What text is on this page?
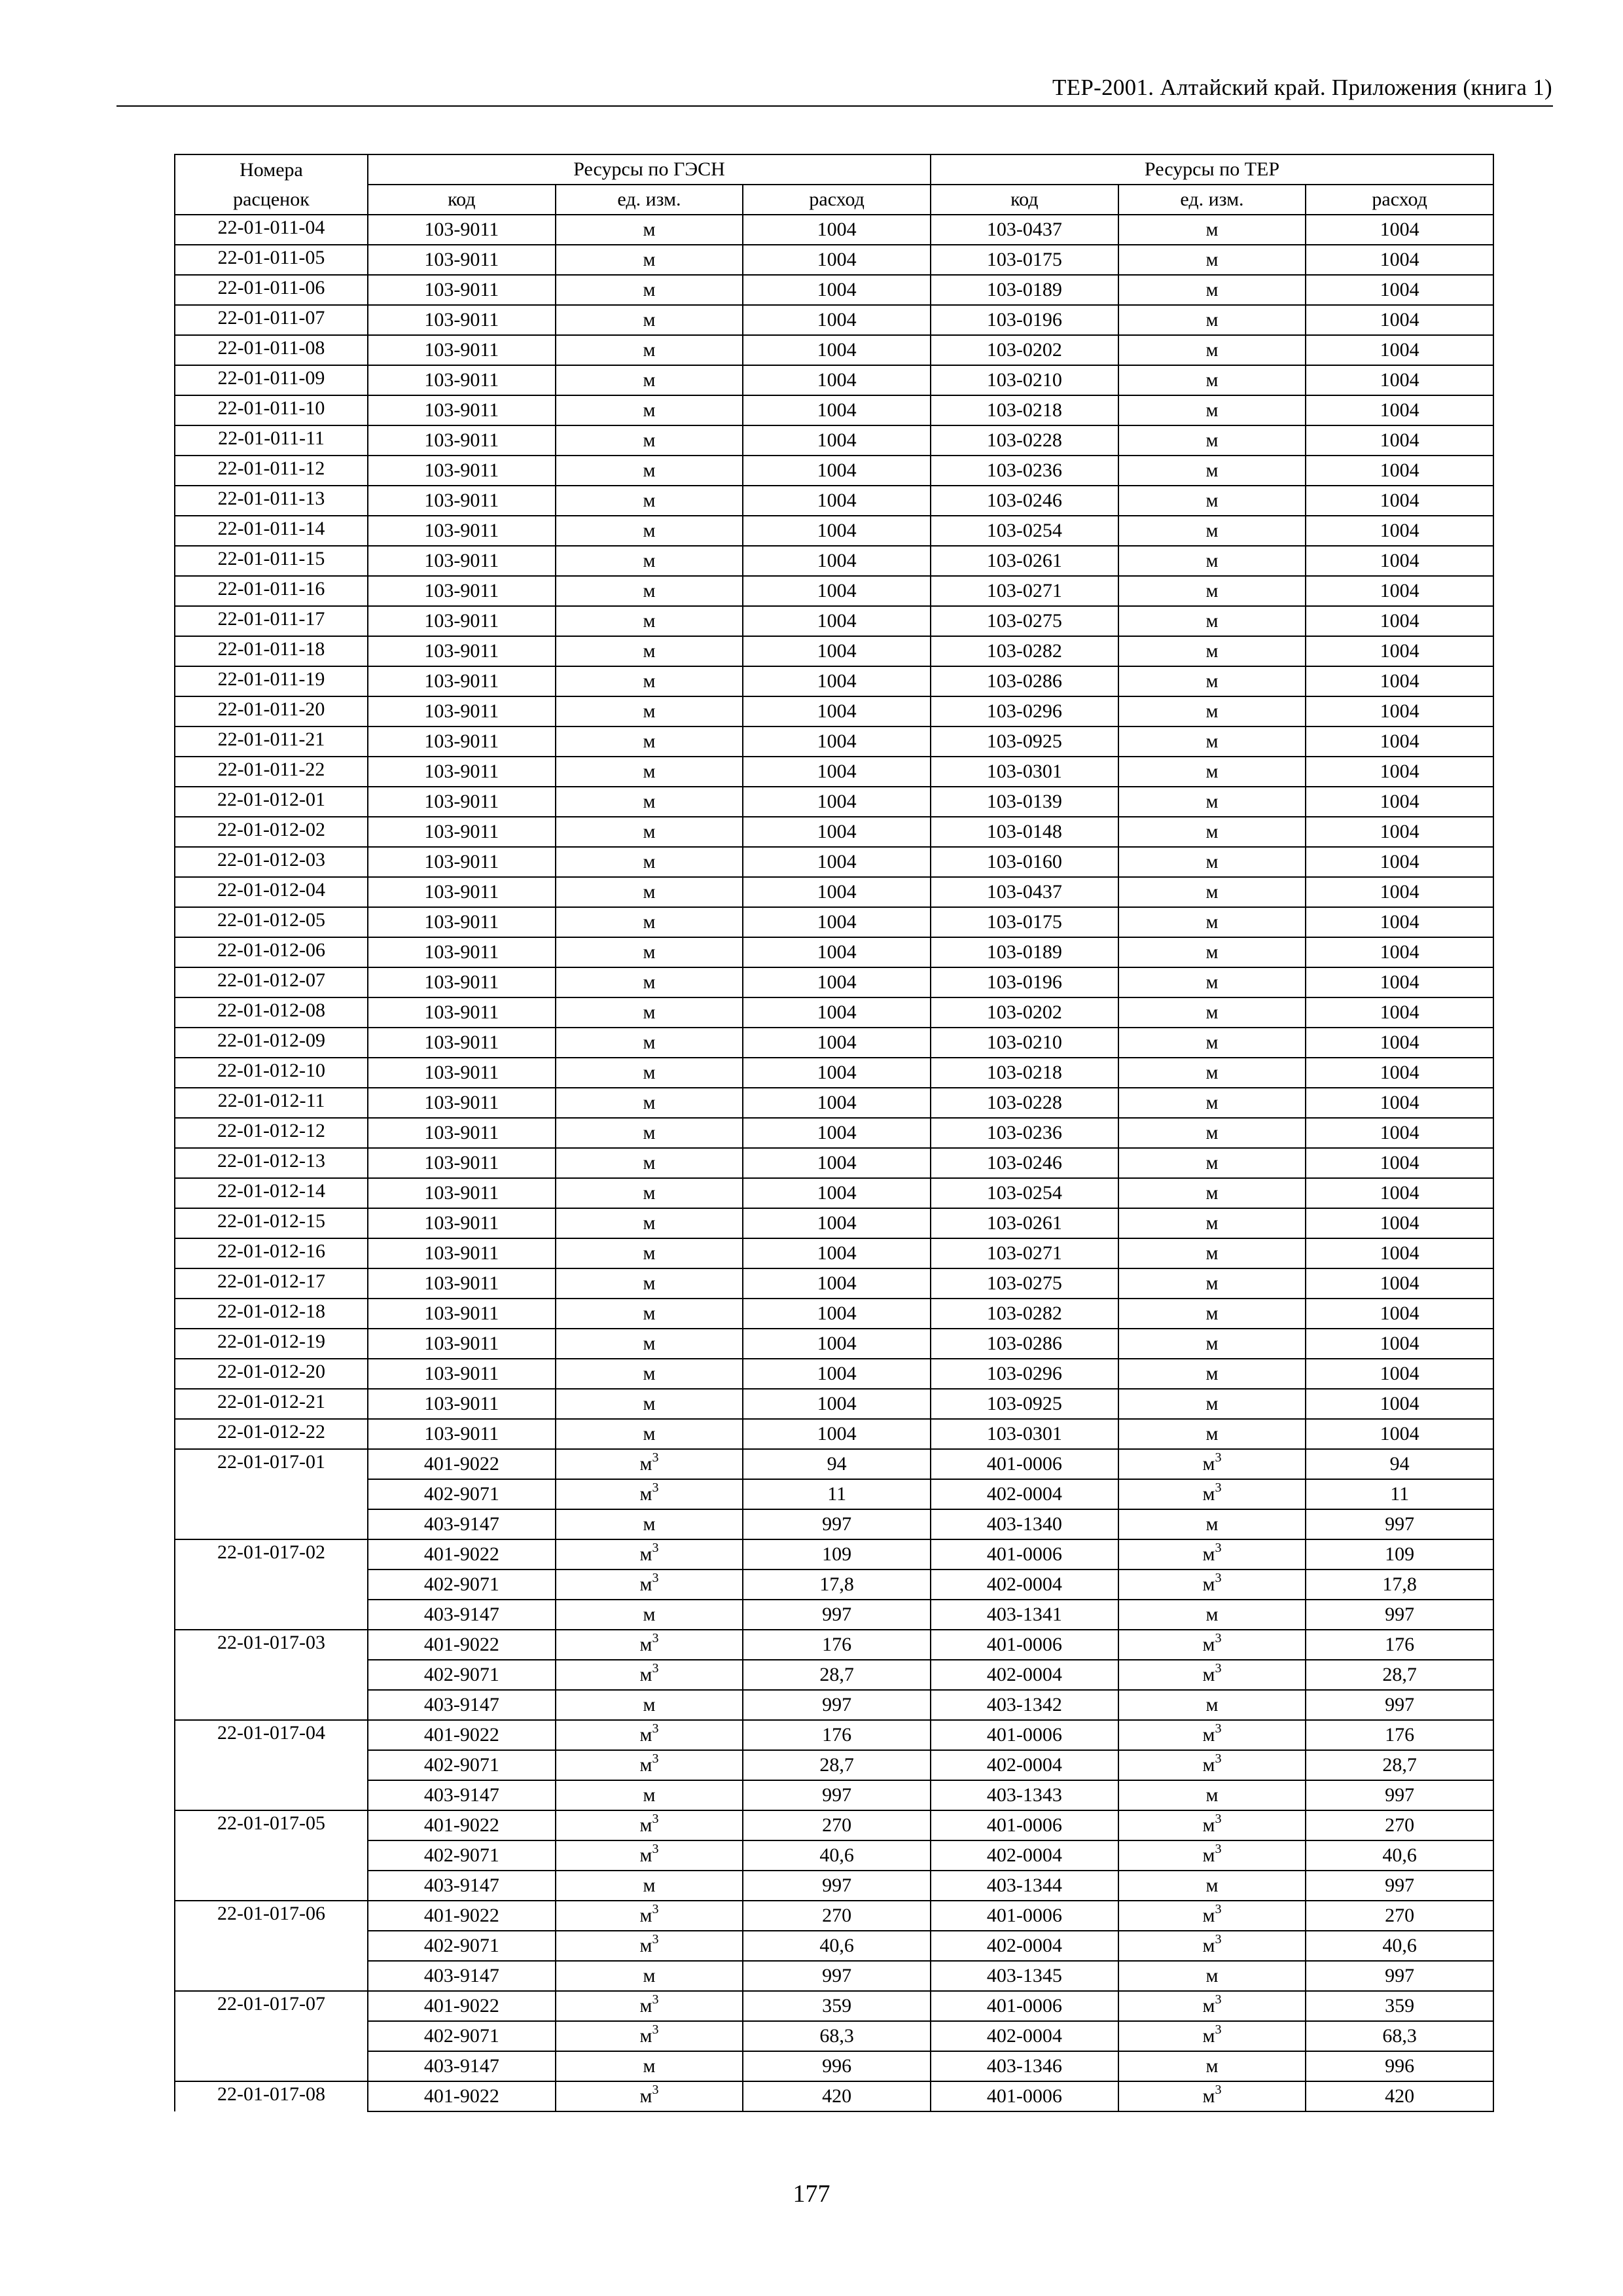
ТЕР-2001. Алтайский край. Приложения (книга 1)
Номера	Ресурсы по ГЭСН			Ресурсы по ТЕР		
расценок	код	ед. изм.	расход	код	ед. изм.	расход
22-01-011-04	103-9011	м	1004	103-0437	м	1004
22-01-011-05	103-9011	м	1004	103-0175	м	1004
22-01-011-06	103-9011	м	1004	103-0189	м	1004
22-01-011-07	103-9011	м	1004	103-0196	м	1004
22-01-011-08	103-9011	м	1004	103-0202	м	1004
22-01-011-09	103-9011	м	1004	103-0210	м	1004
22-01-011-10	103-9011	м	1004	103-0218	м	1004
22-01-011-11	103-9011	м	1004	103-0228	м	1004
22-01-011-12	103-9011	м	1004	103-0236	м	1004
22-01-011-13	103-9011	м	1004	103-0246	м	1004
22-01-011-14	103-9011	м	1004	103-0254	м	1004
22-01-011-15	103-9011	м	1004	103-0261	м	1004
22-01-011-16	103-9011	м	1004	103-0271	м	1004
22-01-011-17	103-9011	м	1004	103-0275	м	1004
22-01-011-18	103-9011	м	1004	103-0282	м	1004
22-01-011-19	103-9011	м	1004	103-0286	м	1004
22-01-011-20	103-9011	м	1004	103-0296	м	1004
22-01-011-21	103-9011	м	1004	103-0925	м	1004
22-01-011-22	103-9011	м	1004	103-0301	м	1004
22-01-012-01	103-9011	м	1004	103-0139	м	1004
22-01-012-02	103-9011	м	1004	103-0148	м	1004
22-01-012-03	103-9011	м	1004	103-0160	м	1004
22-01-012-04	103-9011	м	1004	103-0437	м	1004
22-01-012-05	103-9011	м	1004	103-0175	м	1004
22-01-012-06	103-9011	м	1004	103-0189	м	1004
22-01-012-07	103-9011	м	1004	103-0196	м	1004
22-01-012-08	103-9011	м	1004	103-0202	м	1004
22-01-012-09	103-9011	м	1004	103-0210	м	1004
22-01-012-10	103-9011	м	1004	103-0218	м	1004
22-01-012-11	103-9011	м	1004	103-0228	м	1004
22-01-012-12	103-9011	м	1004	103-0236	м	1004
22-01-012-13	103-9011	м	1004	103-0246	м	1004
22-01-012-14	103-9011	м	1004	103-0254	м	1004
22-01-012-15	103-9011	м	1004	103-0261	м	1004
22-01-012-16	103-9011	м	1004	103-0271	м	1004
22-01-012-17	103-9011	м	1004	103-0275	м	1004
22-01-012-18	103-9011	м	1004	103-0282	м	1004
22-01-012-19	103-9011	м	1004	103-0286	м	1004
22-01-012-20	103-9011	м	1004	103-0296	м	1004
22-01-012-21	103-9011	м	1004	103-0925	м	1004
22-01-012-22	103-9011	м	1004	103-0301	м	1004
22-01-017-01	401-9022	$м^3$	94	401-0006	$м^3$	94
	402-9071	$м^3$	11	402-0004	$м^3$	11
	403-9147	м	997	403-1340	м	997
22-01-017-02	401-9022	$м^3$	109	401-0006	$м^3$	109
	402-9071	$м^3$	17,8	402-0004	$м^3$	17,8
	403-9147	м	997	403-1341	м	997
22-01-017-03	401-9022	$м^3$	176	401-0006	$м^3$	176
	402-9071	$м^3$	28,7	402-0004	$м^3$	28,7
	403-9147	м	997	403-1342	м	997
22-01-017-04	401-9022	$м^3$	176	401-0006	$м^3$	176
	402-9071	$м^3$	28,7	402-0004	$м^3$	28,7
	403-9147	м	997	403-1343	м	997
22-01-017-05	401-9022	$м^3$	270	401-0006	$м^3$	270
	402-9071	$м^3$	40,6	402-0004	$м^3$	40,6
	403-9147	м	997	403-1344	м	997
22-01-017-06	401-9022	$м^3$	270	401-0006	$м^3$	270
	402-9071	$м^3$	40,6	402-0004	$м^3$	40,6
	403-9147	м	997	403-1345	м	997
22-01-017-07	401-9022	$м^3$	359	401-0006	$м^3$	359
	402-9071	$м^3$	68,3	402-0004	$м^3$	68,3
	403-9147	м	996	403-1346	м	996
22-01-017-08	401-9022	$м^3$	420	401-0006	$м^3$	420
177
